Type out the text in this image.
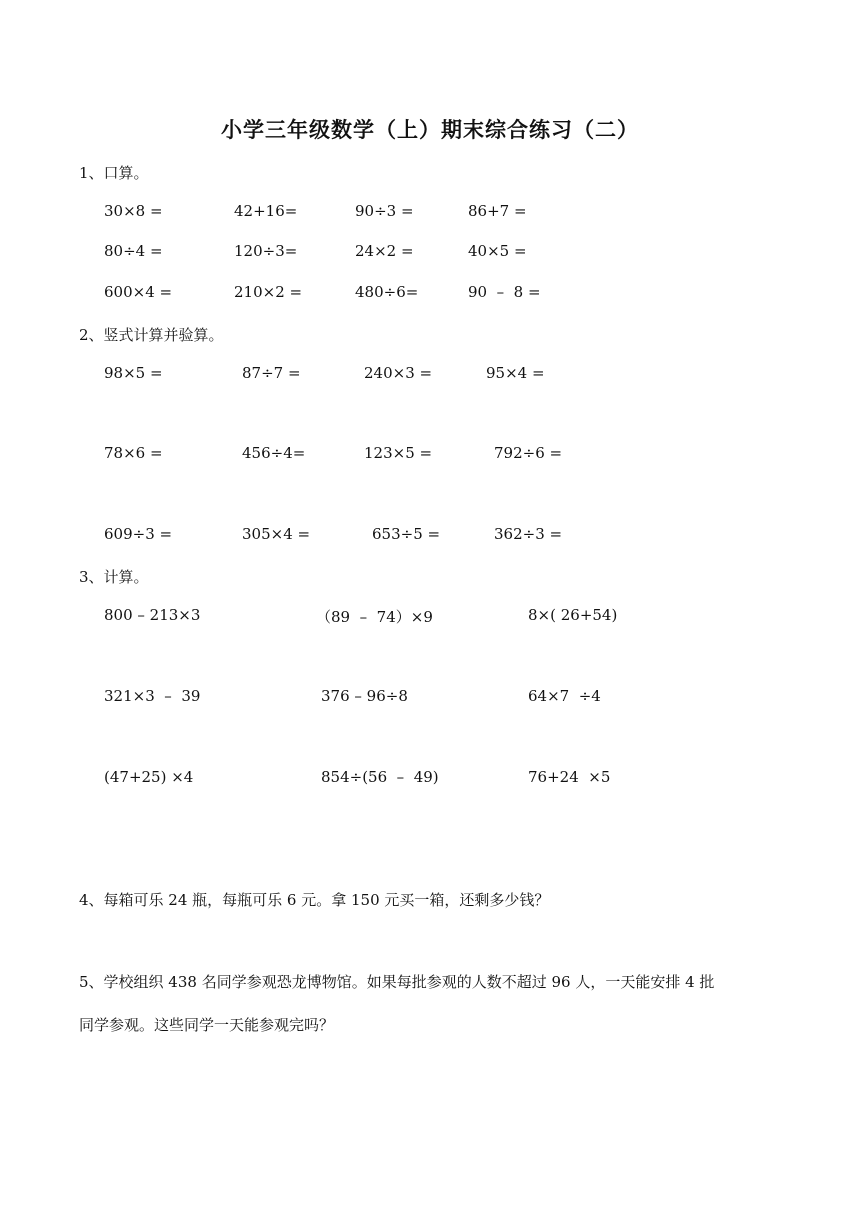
小学三年级数学（上）期末综合练习（二）
1、口算。
30×8 =	42+16=	90÷3 =	86+7 =
80÷4 =	120÷3=	24×2 =	40×5 =
600×4 =	210×2 =	480÷6=	90  –  8 =
2、竖式计算并验算。
98×5 =	87÷7 =	240×3 =	95×4 =
78×6 =	456÷4=	123×5 =	792÷6 =
609÷3 =	305×4 =	653÷5 =	362÷3 =
3、计算。
800 – 213×3	（89  –  74）×9	8×( 26+54)
321×3  –  39	376 – 96÷8	64×7  ÷4
(47+25) ×4	854÷(56  –  49)	76+24  ×5
4、每箱可乐 24 瓶，每瓶可乐 6 元。拿 150 元买一箱，还剩多少钱？
5、学校组织 438 名同学参观恐龙博物馆。如果每批参观的人数不超过 96 人，一天能安排 4 批
同学参观。这些同学一天能参观完吗？
